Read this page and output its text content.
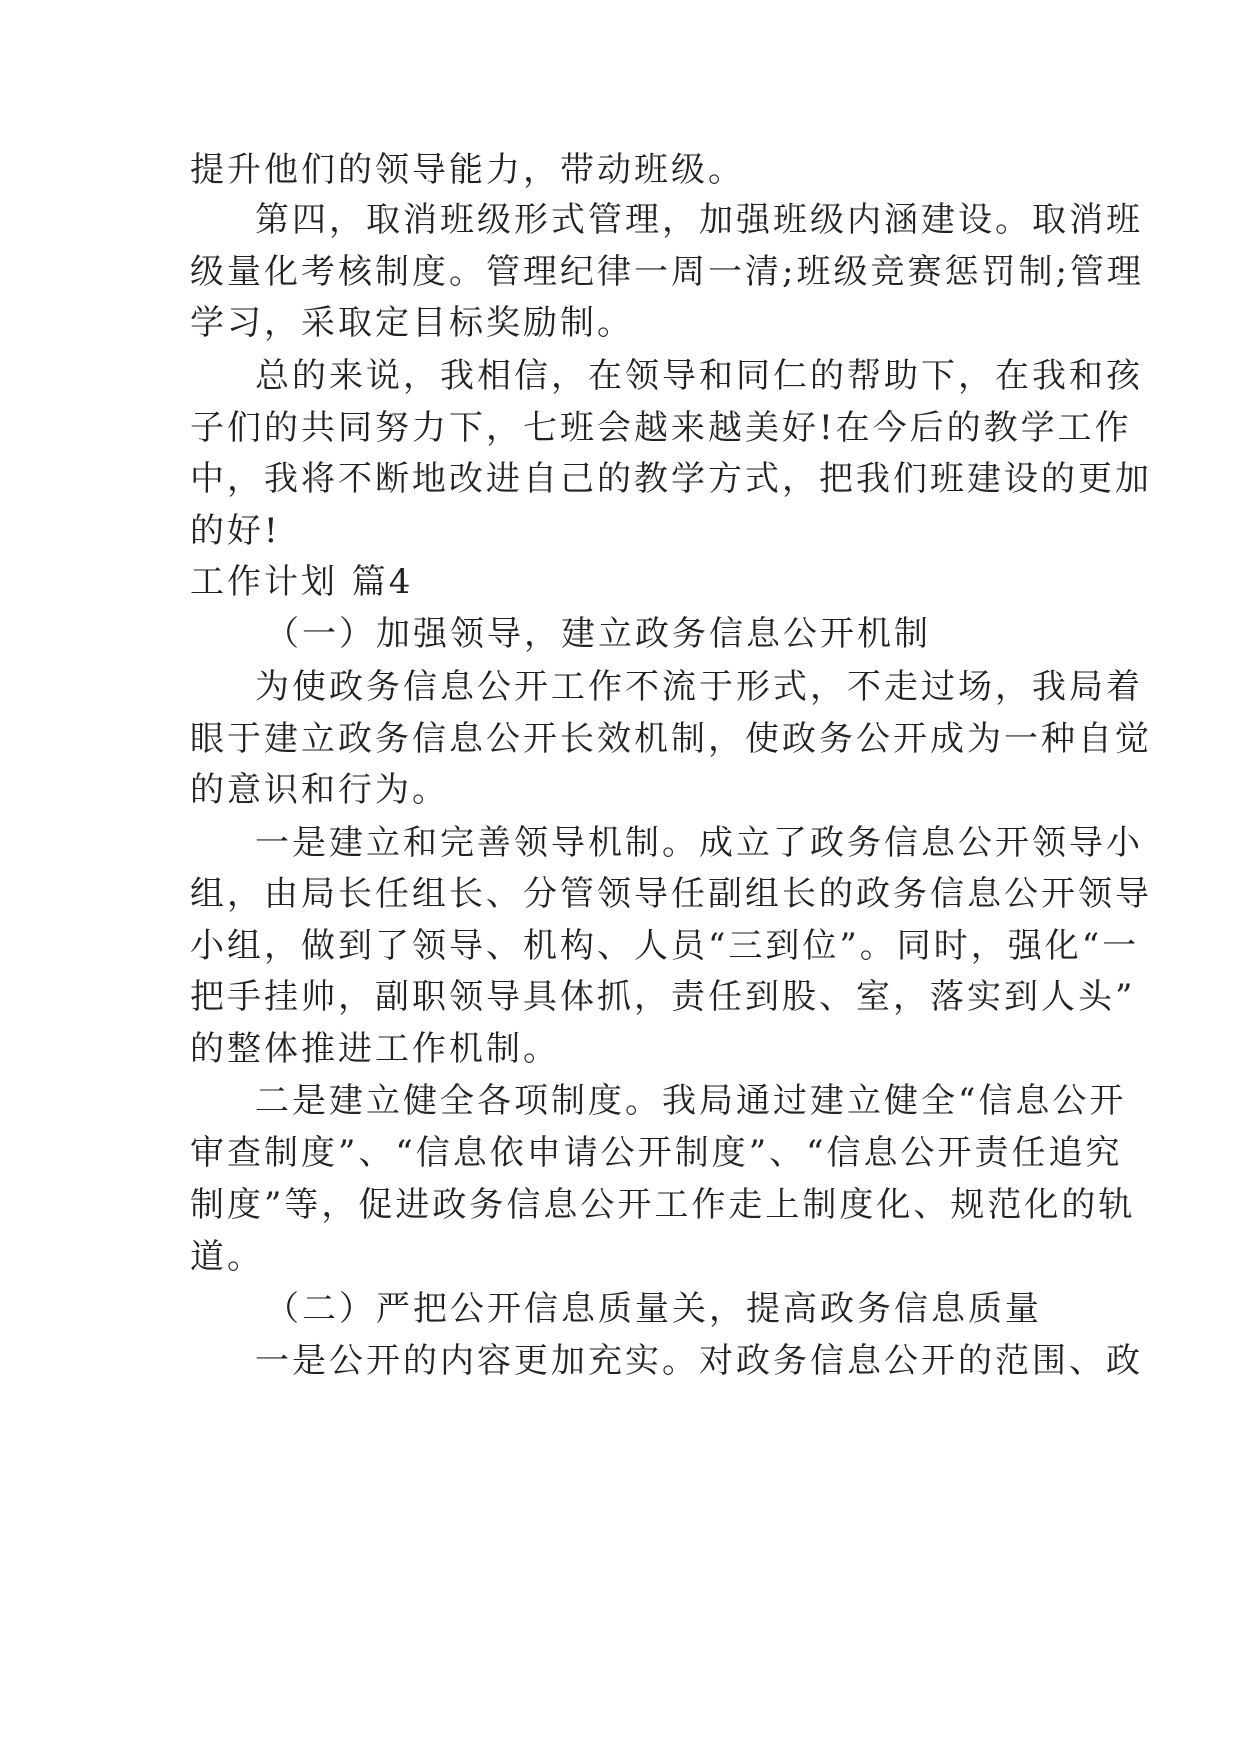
提升他们的领导能力，带动班级。
第四，取消班级形式管理，加强班级内涵建设。取消班
级量化考核制度。管理纪律一周一清;班级竞赛惩罚制;管理
学习，采取定目标奖励制。
总的来说，我相信，在领导和同仁的帮助下，在我和孩
子们的共同努力下，七班会越来越美好!在今后的教学工作
中，我将不断地改进自己的教学方式，把我们班建设的更加
的好!
工作计划 篇4
（一）加强领导，建立政务信息公开机制
为使政务信息公开工作不流于形式，不走过场，我局着
眼于建立政务信息公开长效机制，使政务公开成为一种自觉
的意识和行为。
一是建立和完善领导机制。成立了政务信息公开领导小
组，由局长任组长、分管领导任副组长的政务信息公开领导
小组，做到了领导、机构、人员“三到位”。同时，强化“一
把手挂帅，副职领导具体抓，责任到股、室，落实到人头”
的整体推进工作机制。
二是建立健全各项制度。我局通过建立健全“信息公开
审查制度”、“信息依申请公开制度”、“信息公开责任追究
制度”等，促进政务信息公开工作走上制度化、规范化的轨
道。
（二）严把公开信息质量关，提高政务信息质量
一是公开的内容更加充实。对政务信息公开的范围、政
